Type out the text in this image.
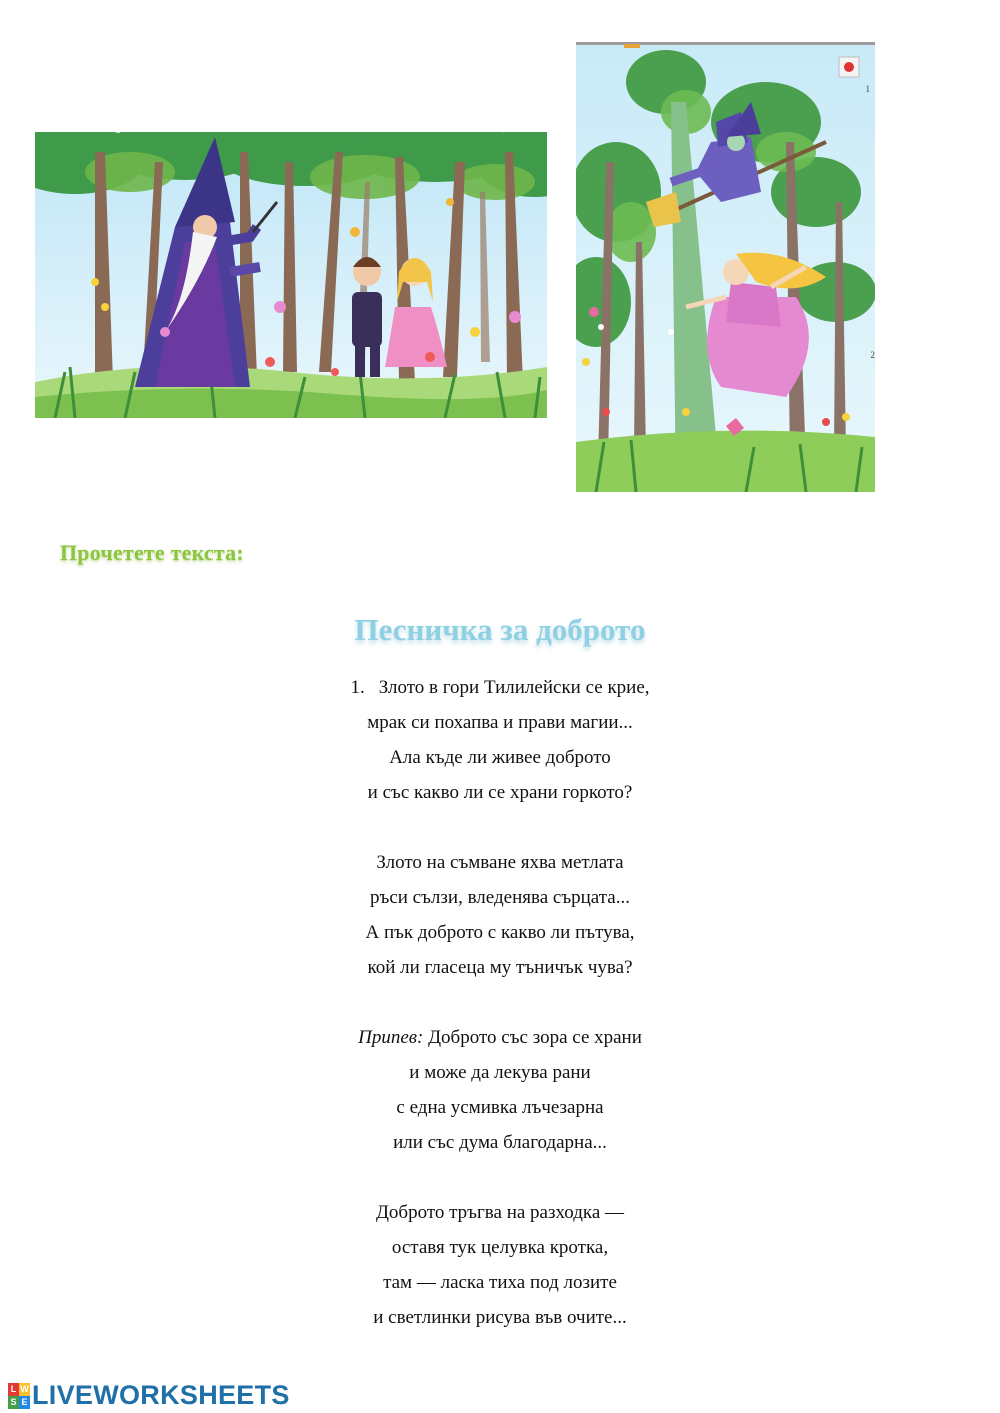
1
2
Прочетете текста:
Песничка за доброто
1. Злото в гори Тилилейски се крие,
мрак си похапва и прави магии...
Ала къде ли живее доброто
и със какво ли се храни горкото?
Злото на съмване яхва метлата
ръси сълзи, вледенява сърцата...
А пък доброто с какво ли пътува,
кой ли гласеца му тъничък чува?
Припев: Доброто със зора се храни
и може да лекува рани
с една усмивка лъчезарна
или със дума благодарна...
Доброто тръгва на разходка —
оставя тук целувка кротка,
там — ласка тиха под лозите
и светлинки рисува във очите...
L W
S E LIVEWORKSHEETS
